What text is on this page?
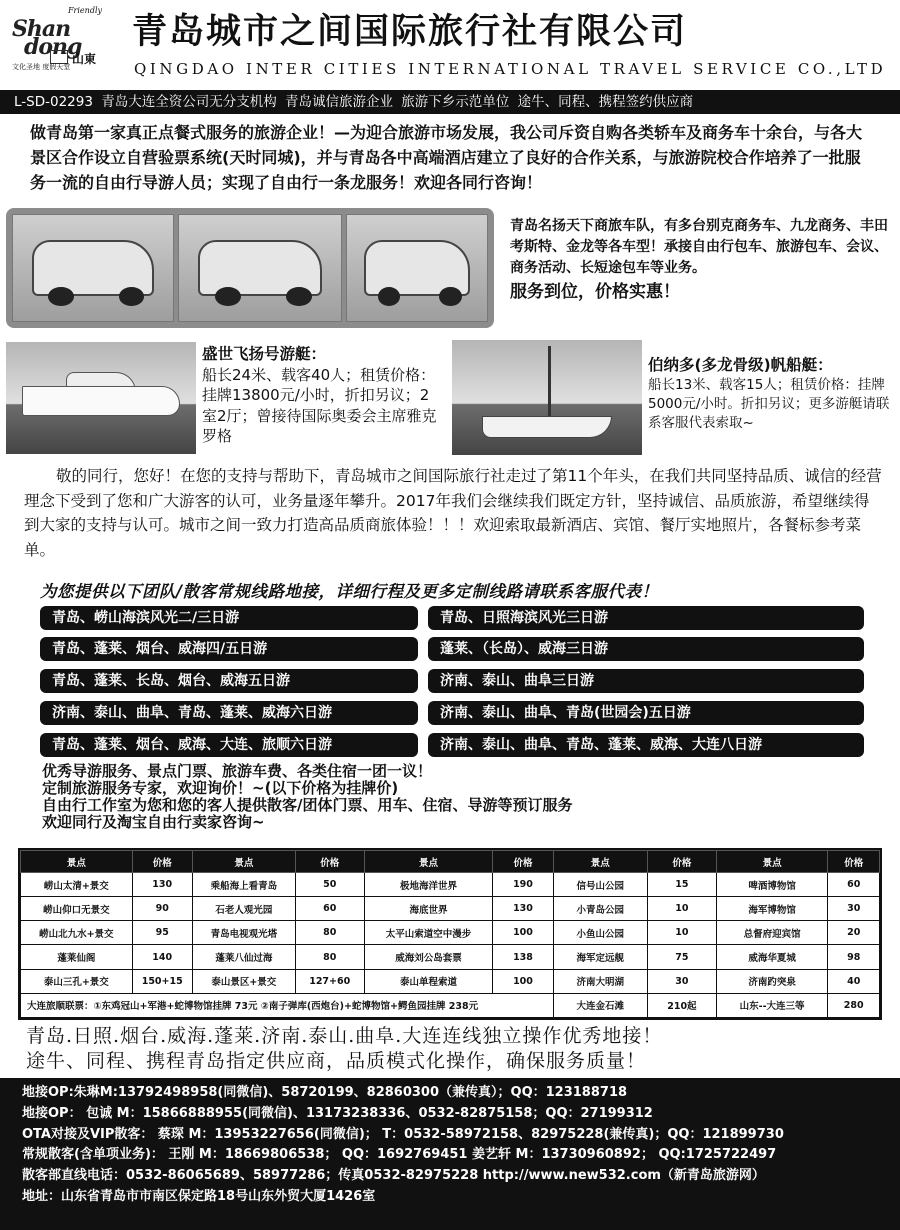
Friendly
Shan
dong
山東
文化圣地 度假天堂
青岛城市之间国际旅行社有限公司
QINGDAO INTER CITIES INTERNATIONAL TRAVEL SERVICE CO.,LTD
L-SD-02293 青岛大连全资公司无分支机构 青岛诚信旅游企业 旅游下乡示范单位 途牛、同程、携程签约供应商
做青岛第一家真正点餐式服务的旅游企业！—为迎合旅游市场发展，我公司斥资自购各类轿车及商务车十余台，与各大景区合作设立自营验票系统(天时同城)，并与青岛各中高端酒店建立了良好的合作关系，与旅游院校合作培养了一批服务一流的自由行导游人员；实现了自由行一条龙服务！欢迎各同行咨询！
青岛名扬天下商旅车队，有多台别克商务车、九龙商务、丰田考斯特、金龙等各车型！承接自由行包车、旅游包车、会议、商务活动、长短途包车等业务。
服务到位，价格实惠！
盛世飞扬号游艇：
船长24米、载客40人；租赁价格：挂牌13800元/小时，折扣另议；2室2厅；曾接待国际奥委会主席雅克罗格
伯纳多(多龙骨级)帆船艇：
船长13米、载客15人；租赁价格：挂牌5000元/小时。折扣另议；更多游艇请联系客服代表索取~
敬的同行，您好！在您的支持与帮助下，青岛城市之间国际旅行社走过了第11个年头，在我们共同坚持品质、诚信的经营理念下受到了您和广大游客的认可，业务量逐年攀升。2017年我们会继续我们既定方针，坚持诚信、品质旅游，希望继续得到大家的支持与认可。城市之间一致力打造高品质商旅体验！！！欢迎索取最新酒店、宾馆、餐厅实地照片，各餐标参考菜单。
为您提供以下团队/散客常规线路地接，详细行程及更多定制线路请联系客服代表！
青岛、崂山海滨风光二/三日游
青岛、蓬莱、烟台、威海四/五日游
青岛、蓬莱、长岛、烟台、威海五日游
济南、泰山、曲阜、青岛、蓬莱、威海六日游
青岛、蓬莱、烟台、威海、大连、旅顺六日游
青岛、日照海滨风光三日游
蓬莱、（长岛）、威海三日游
济南、泰山、曲阜三日游
济南、泰山、曲阜、青岛(世园会)五日游
济南、泰山、曲阜、青岛、蓬莱、威海、大连八日游
优秀导游服务、景点门票、旅游车费、各类住宿一团一议！
定制旅游服务专家，欢迎询价！~(以下价格为挂牌价)
自由行工作室为您和您的客人提供散客/团体门票、用车、住宿、导游等预订服务
欢迎同行及淘宝自由行卖家咨询~
景点	价格	景点	价格	景点	价格	景点	价格	景点	价格
崂山太清+景交	130	乘船海上看青岛	50	极地海洋世界	190	信号山公园	15	啤酒博物馆	60
崂山仰口无景交	90	石老人观光园	60	海底世界	130	小青岛公园	10	海军博物馆	30
崂山北九水+景交	95	青岛电视观光塔	80	太平山索道空中漫步	100	小鱼山公园	10	总督府迎宾馆	20
蓬莱仙阁	140	蓬莱八仙过海	80	威海刘公岛套票	138	海军定远舰	75	威海华夏城	98
泰山三孔+景交	150+15	泰山景区+景交	127+60	泰山单程索道	100	济南大明湖	30	济南趵突泉	40
大连旅顺联票：①东鸡冠山+军港+蛇博物馆挂牌 73元 ②南子弹库(西炮台)+蛇博物馆+鳄鱼园挂牌 238元						大连金石滩	210起	山东--大连三等	280
青岛.日照.烟台.威海.蓬莱.济南.泰山.曲阜.大连连线独立操作优秀地接！
途牛、同程、携程青岛指定供应商，品质模式化操作，确保服务质量！
地接OP:朱琳M:13792498958(同微信)、58720199、82860300（兼传真）；QQ：123188718
地接OP： 包诚 M：15866888955(同微信)、13173238336、0532-82875158；QQ：27199312
OTA对接及VIP散客： 蔡琛 M：13953227656(同微信)； T：0532-58972158、82975228(兼传真)；QQ：121899730
常规散客(含单项业务)： 王刚 M：18669806538； QQ：1692769451 姜艺轩 M：13730960892； QQ:1725722497
散客部直线电话：0532-86065689、58977286；传真0532-82975228 http://www.new532.com（新青岛旅游网）
地址：山东省青岛市市南区保定路18号山东外贸大厦1426室
